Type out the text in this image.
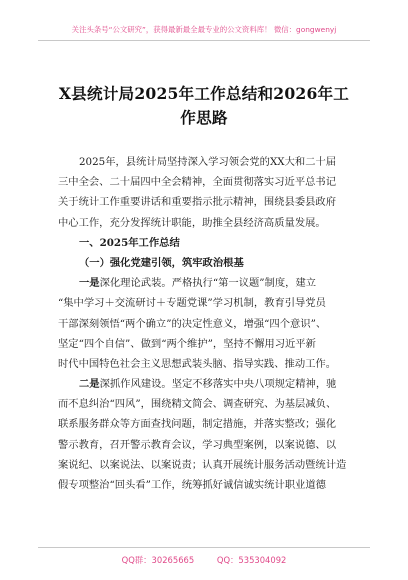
关注头条号“公文研究”，获得最新最全最专业的公文资料库！ 微信：gongwenyj
X县统计局2025年工作总结和2026年工
作思路
2025年，县统计局坚持深入学习领会党的XX大和二十届
三中全会、二十届四中全会精神，全面贯彻落实习近平总书记
关于统计工作重要讲话和重要指示批示精神，围绕县委县政府
中心工作，充分发挥统计职能，助推全县经济高质量发展。
一、2025年工作总结
（一）强化党建引领，筑牢政治根基
一是深化理论武装。严格执行“第一议题”制度，建立
“集中学习＋交流研讨＋专题党课”学习机制，教育引导党员
干部深刻领悟“两个确立”的决定性意义，增强“四个意识”、
坚定“四个自信”、做到“两个维护”，坚持不懈用习近平新
时代中国特色社会主义思想武装头脑、指导实践、推动工作。
二是深抓作风建设。坚定不移落实中央八项规定精神，驰
而不息纠治“四风”，围绕精文简会、调查研究、为基层减负、
联系服务群众等方面查找问题，制定措施，并落实整改；强化
警示教育，召开警示教育会议，学习典型案例，以案说德、以
案说纪、以案说法、以案说责；认真开展统计服务活动暨统计造
假专项整治“回头看”工作，统筹抓好诚信诚实统计职业道德
QQ群：30265665	QQ：535304092
